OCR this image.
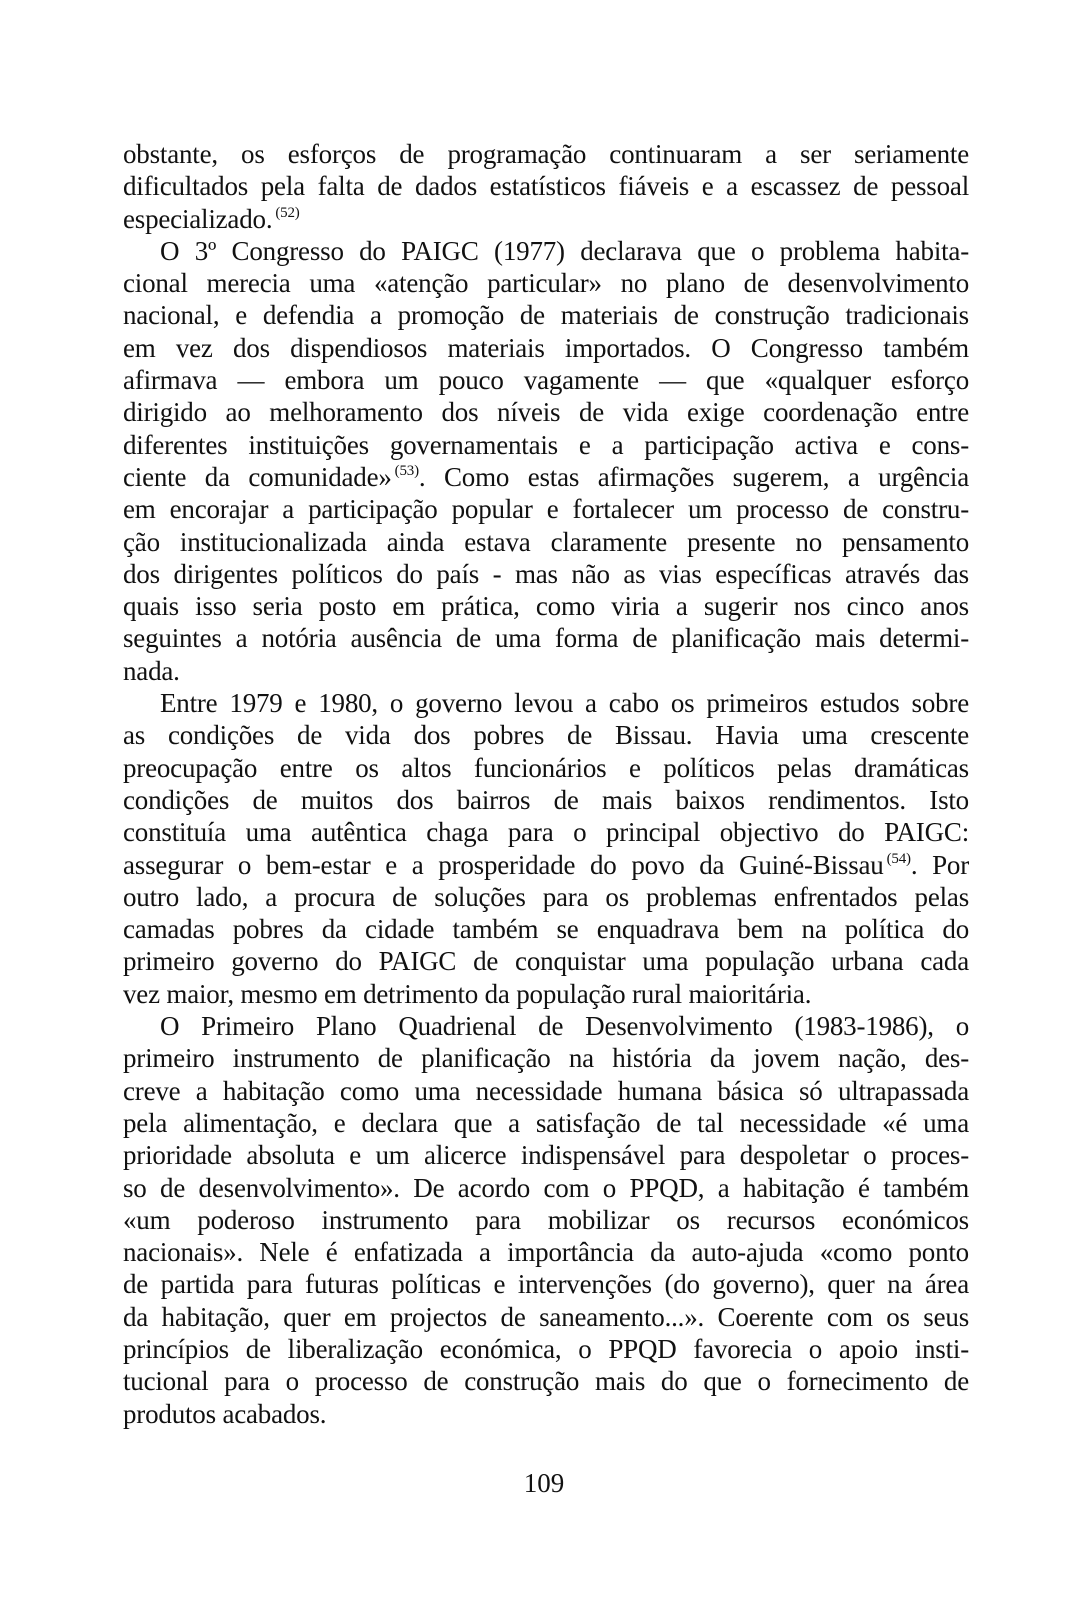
obstante, os esforços de programação continuaram a ser seriamente
dificultados pela falta de dados estatísticos fiáveis e a escassez de pessoal
especializado. $^{(52)}$
O 3º Congresso do PAIGC (1977) declarava que o problema habita-
cional merecia uma «atenção particular» no plano de desenvolvimento
nacional, e defendia a promoção de materiais de construção tradicionais
em vez dos dispendiosos materiais importados. O Congresso também
afirmava — embora um pouco vagamente — que «qualquer esforço
dirigido ao melhoramento dos níveis de vida exige coordenação entre
diferentes instituições governamentais e a participação activa e cons-
ciente da comunidade» $^{(53)}$. Como estas afirmações sugerem, a urgência
em encorajar a participação popular e fortalecer um processo de constru-
ção institucionalizada ainda estava claramente presente no pensamento
dos dirigentes políticos do país - mas não as vias específicas através das
quais isso seria posto em prática, como viria a sugerir nos cinco anos
seguintes a notória ausência de uma forma de planificação mais determi-
nada.
Entre 1979 e 1980, o governo levou a cabo os primeiros estudos sobre
as condições de vida dos pobres de Bissau. Havia uma crescente
preocupação entre os altos funcionários e políticos pelas dramáticas
condições de muitos dos bairros de mais baixos rendimentos. Isto
constituía uma autêntica chaga para o principal objectivo do PAIGC:
assegurar o bem-estar e a prosperidade do povo da Guiné-Bissau $^{(54)}$. Por
outro lado, a procura de soluções para os problemas enfrentados pelas
camadas pobres da cidade também se enquadrava bem na política do
primeiro governo do PAIGC de conquistar uma população urbana cada
vez maior, mesmo em detrimento da população rural maioritária.
O Primeiro Plano Quadrienal de Desenvolvimento (1983-1986), o
primeiro instrumento de planificação na história da jovem nação, des-
creve a habitação como uma necessidade humana básica só ultrapassada
pela alimentação, e declara que a satisfação de tal necessidade «é uma
prioridade absoluta e um alicerce indispensável para despoletar o proces-
so de desenvolvimento». De acordo com o PPQD, a habitação é também
«um poderoso instrumento para mobilizar os recursos económicos
nacionais». Nele é enfatizada a importância da auto-ajuda «como ponto
de partida para futuras políticas e intervenções (do governo), quer na área
da habitação, quer em projectos de saneamento...». Coerente com os seus
princípios de liberalização económica, o PPQD favorecia o apoio insti-
tucional para o processo de construção mais do que o fornecimento de
produtos acabados.
109
